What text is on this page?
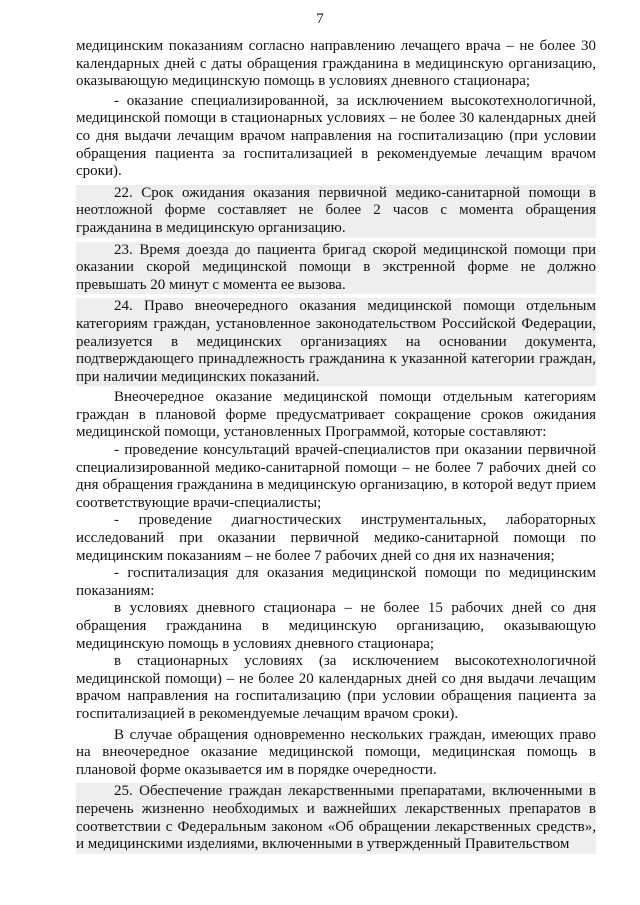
7

медицинским показаниям согласно направлению лечащего врача – не более 30 календарных дней с даты обращения гражданина в медицинскую организацию, оказывающую медицинскую помощь в условиях дневного стационара;

- оказание специализированной, за исключением высокотехнологичной, медицинской помощи в стационарных условиях – не более 30 календарных дней со дня выдачи лечащим врачом направления на госпитализацию (при условии обращения пациента за госпитализацией в рекомендуемые лечащим врачом сроки).

22. Срок ожидания оказания первичной медико-санитарной помощи в неотложной форме составляет не более 2 часов с момента обращения гражданина в медицинскую организацию.

23. Время доезда до пациента бригад скорой медицинской помощи при оказании скорой медицинской помощи в экстренной форме не должно превышать 20 минут с момента ее вызова.

24. Право внеочередного оказания медицинской помощи отдельным категориям граждан, установленное законодательством Российской Федерации, реализуется в медицинских организациях на основании документа, подтверждающего принадлежность гражданина к указанной категории граждан, при наличии медицинских показаний.

Внеочередное оказание медицинской помощи отдельным категориям граждан в плановой форме предусматривает сокращение сроков ожидания медицинской помощи, установленных Программой, которые составляют:

- проведение консультаций врачей-специалистов при оказании первичной специализированной медико-санитарной помощи – не более 7 рабочих дней со дня обращения гражданина в медицинскую организацию, в которой ведут прием соответствующие врачи-специалисты;

- проведение диагностических инструментальных, лабораторных исследований при оказании первичной медико-санитарной помощи по медицинским показаниям – не более 7 рабочих дней со дня их назначения;

- госпитализация для оказания медицинской помощи по медицинским показаниям:

в условиях дневного стационара – не более 15 рабочих дней со дня обращения гражданина в медицинскую организацию, оказывающую медицинскую помощь в условиях дневного стационара;

в стационарных условиях (за исключением высокотехнологичной медицинской помощи) – не более 20 календарных дней со дня выдачи лечащим врачом направления на госпитализацию (при условии обращения пациента за госпитализацией в рекомендуемые лечащим врачом сроки).

В случае обращения одновременно нескольких граждан, имеющих право на внеочередное оказание медицинской помощи, медицинская помощь в плановой форме оказывается им в порядке очередности.

25. Обеспечение граждан лекарственными препаратами, включенными в перечень жизненно необходимых и важнейших лекарственных препаратов в соответствии с Федеральным законом «Об обращении лекарственных средств», и медицинскими изделиями, включенными в утвержденный Правительством
